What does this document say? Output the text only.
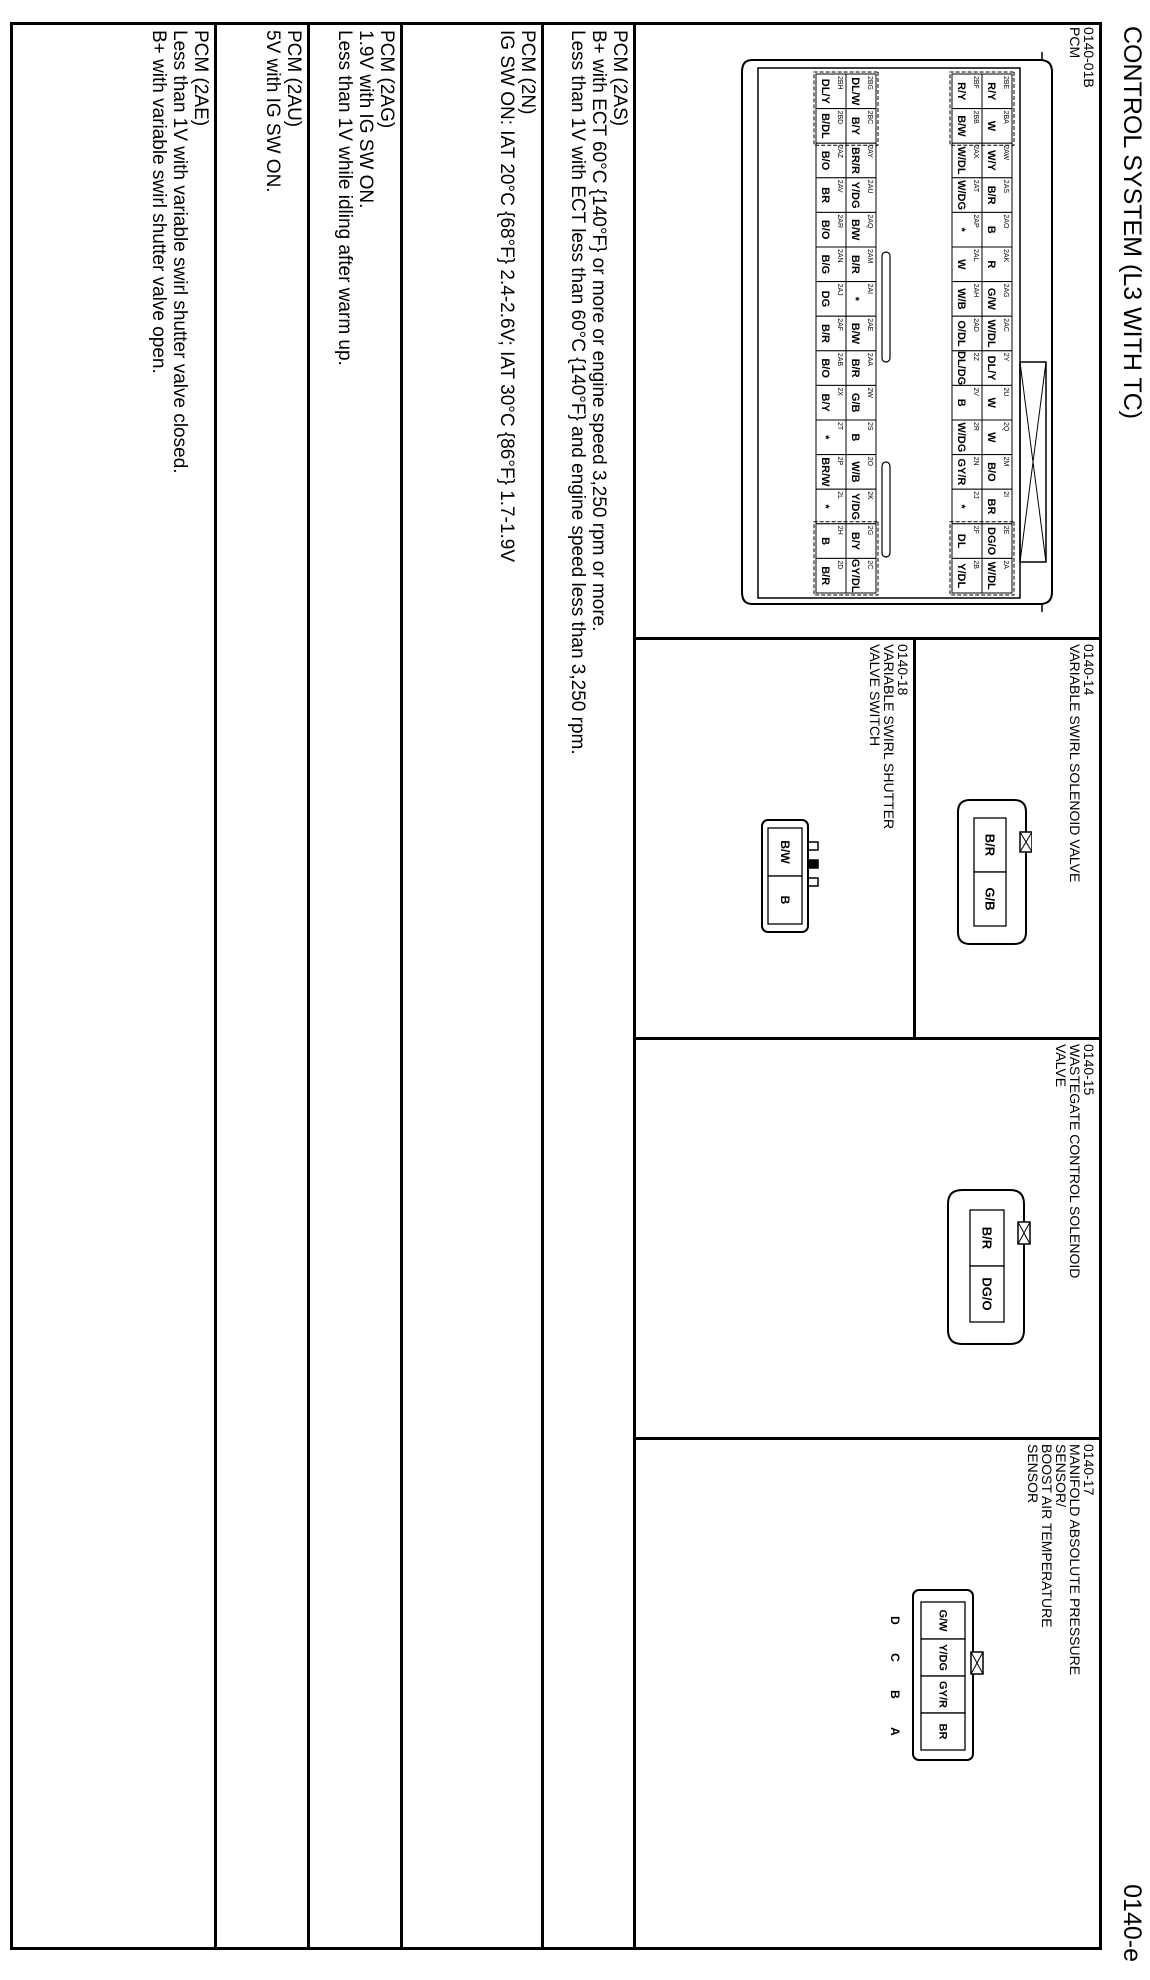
CONTROL SYSTEM (L3 WITH TC)
0140-e
0140-01B
PCM
0140-14
VARIABLE SWIRL SOLENOID VALVE
0140-18
VARIABLE SWIRL SHUTTER
VALVE SWITCH
0140-15
WASTEGATE CONTROL SOLENOID
VALVE
0140-17
MANIFOLD ABSOLUTE PRESSURE
SENSOR/
BOOST AIR TEMPERATURE
SENSOR
2BE
R/Y
2BA
W
2AW
W/Y
2AS
B/R
2AO
B
2AK
R
2AG
G/W
2AC
W/DL
2Y
DL/Y
2U
W
2Q
W
2M
B/O
2I
BR
2E
DG/O
2A
W/DL
2BF
R/Y
2BB
B/W
2AX
W/DL
2AT
W/DG
2AP
*
2AL
W
2AH
W/B
2AD
O/DL
2Z
DL/DG
2V
B
2R
W/DG
2N
GY/R
2J
*
2F
DL
2B
Y/DL
2BG
DL/W
2BC
B/Y
2AY
BR/R
2AU
Y/DG
2AQ
B/W
2AM
B/R
2AI
*
2AE
B/W
2AA
B/R
2W
G/B
2S
B
2O
W/B
2K
Y/DG
2G
B/Y
2C
GY/DL
2BH
DL/Y
2BD
B/DL
2AZ
B/O
2AV
BR
2AR
B/O
2AN
B/G
2AJ
DG
2AF
B/R
2AB
B/O
2X
B/Y
2T
*
2P
BR/W
2L
*
2H
B
2D
B/R
B/R
G/B
B/W
B
B/R
DG/O
G/W
Y/DG
GY/R
BR
D
C
B
A
PCM (2AS)
B+ with ECT 60°C {140°F} or more or engine speed 3,250 rpm or more.
Less than 1V with ECT less than 60°C {140°F} and engine speed less than 3,250 rpm.
PCM (2N)
IG SW ON: IAT 20°C {68°F} 2.4-2.6V; IAT 30°C {86°F} 1.7-1.9V
PCM (2AG)
1.9V with IG SW ON.
Less than 1V while idling after warm up.
PCM (2AU)
5V with IG SW ON.
PCM (2AE)
Less than 1V with variable swirl shutter valve closed.
B+ with variable swirl shutter valve open.
